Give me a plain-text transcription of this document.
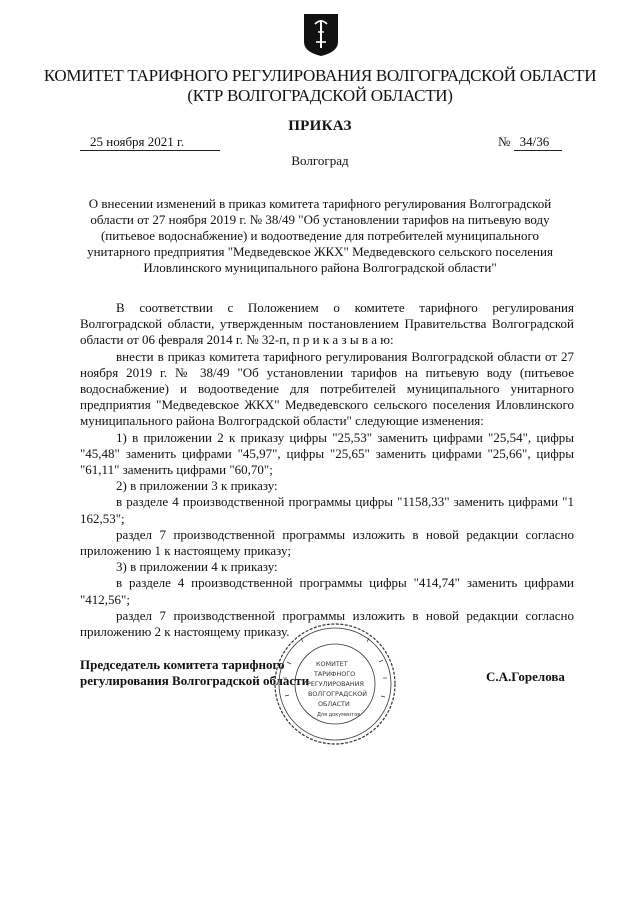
КОМИТЕТ ТАРИФНОГО РЕГУЛИРОВАНИЯ ВОЛГОГРАДСКОЙ ОБЛАСТИ
(КТР ВОЛГОГРАДСКОЙ ОБЛАСТИ)
ПРИКАЗ
25 ноября 2021 г.	№ 34/36
Волгоград
О внесении изменений в приказ комитета тарифного регулирования Волгоградской области от 27 ноября 2019 г. № 38/49 "Об установлении тарифов на питьевую воду (питьевое водоснабжение) и водоотведение для потребителей муниципального унитарного предприятия "Медведевское ЖКХ" Медведевского сельского поселения Иловлинского муниципального района Волгоградской области"

В соответствии с Положением о комитете тарифного регулирования Волгоградской области, утвержденным постановлением Правительства Волгоградской области от 06 февраля 2014 г. № 32-п, п р и к а з ы в а ю:

внести в приказ комитета тарифного регулирования Волгоградской области от 27 ноября 2019 г. № 38/49 "Об установлении тарифов на питьевую воду (питьевое водоснабжение) и водоотведение для потребителей муниципального унитарного предприятия "Медведевское ЖКХ" Медведевского сельского поселения Иловлинского муниципального района Волгоградской области" следующие изменения:

1) в приложении 2 к приказу цифры "25,53" заменить цифрами "25,54", цифры "45,48" заменить цифрами "45,97", цифры "25,65" заменить цифрами "25,66", цифры "61,11" заменить цифрами "60,70";

2) в приложении 3 к приказу:

в разделе 4 производственной программы цифры "1158,33" заменить цифрами "1 162,53";

раздел 7 производственной программы изложить в новой редакции согласно приложению 1 к настоящему приказу;

3) в приложении 4 к приказу:

в разделе 4 производственной программы цифры "414,74" заменить цифрами "412,56";

раздел 7 производственной программы изложить в новой редакции согласно приложению 2 к настоящему приказу.

Председатель комитета тарифного
регулирования Волгоградской области
КОМИТЕТ
ТАРИФНОГО
РЕГУЛИРОВАНИЯ
ВОЛГОГРАДСКОЙ
ОБЛАСТИ
Для документов
С.А.Горелова
